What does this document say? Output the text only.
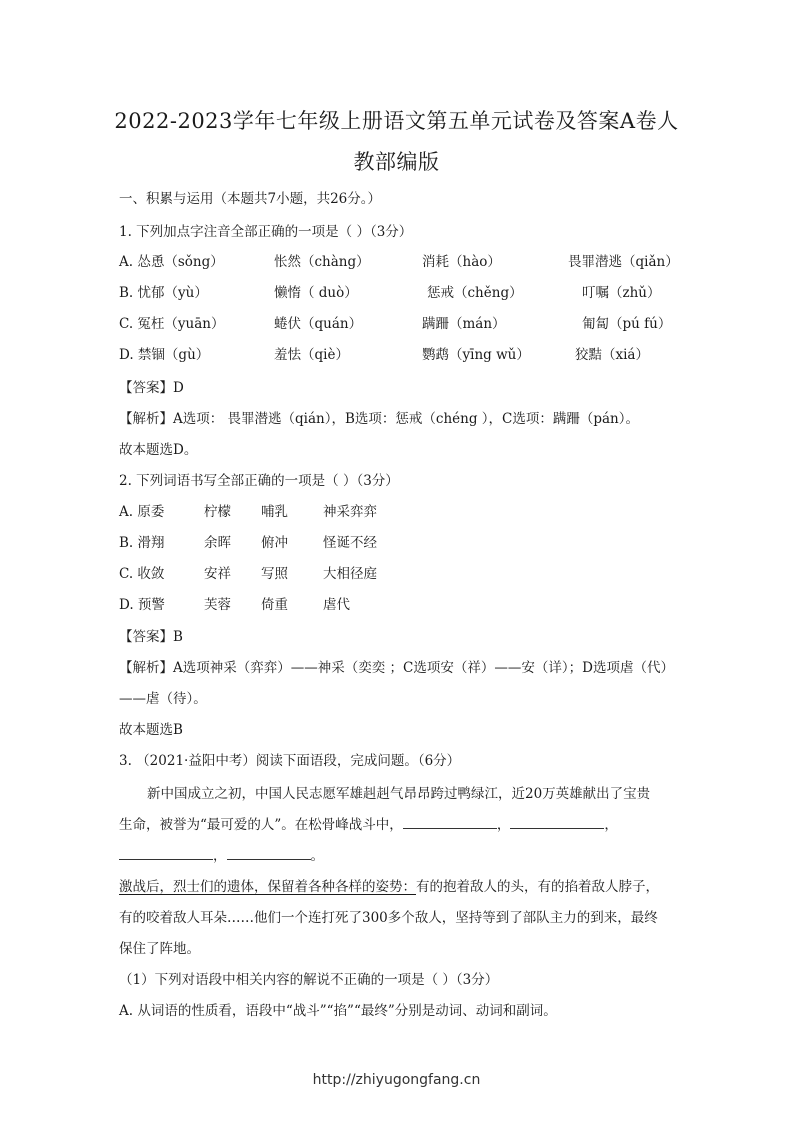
2022-2023学年七年级上册语文第五单元试卷及答案A卷人
教部编版
一、积累与运用（本题共7小题，共26分。）
1. 下列加点字注音全部正确的一项是（ ）（3分）
A. 怂恿（sǒng）	怅然（chàng）	消耗（hào）	畏罪潜逃（qiǎn）
B. 忧郁（yù）	懒惰（ duò）	惩戒（chěng）	叮嘱（zhǔ）
C. 冤枉（yuān）	蜷伏（quán）	蹒跚（mán）	匍匐（pú fú）
D. 禁锢（gù）	羞怯（qiè）	鹦鹉（yīng wǔ）	狡黠（xiá）
【答案】D
【解析】A选项： 畏罪潜逃（qián），B选项：惩戒（chéng ），C选项：蹒跚（pán）。
故本题选D。
2. 下列词语书写全部正确的一项是（ ）（3分）
A. 原委	柠檬 哺乳	神采弈弈
B. 滑翔	余晖 俯冲	怪诞不经
C. 收敛	安祥 写照	大相径庭
D. 预警	芙蓉 倚重	虐代
【答案】B
【解析】A选项神采（弈弈）——神采（奕奕 ；C选项安（祥）——安（详）；D选项虐（代）
——虐（待）。
故本题选B
3. （2021·益阳中考）阅读下面语段，完成问题。（6分）
新中国成立之初，中国人民志愿军雄赳赳气昂昂跨过鸭绿江，近20万英雄献出了宝贵
生命，被誉为“最可爱的人”。在松骨峰战斗中，	，	，
，	。
激战后，烈士们的遗体，保留着各种各样的姿势：有的抱着敌人的头，有的掐着敌人脖子，
有的咬着敌人耳朵……他们一个连打死了300多个敌人，坚持等到了部队主力的到来，最终
保住了阵地。
（1）下列对语段中相关内容的解说不正确的一项是（ ）（3分）
A. 从词语的性质看，语段中“战斗”“掐”“最终”分别是动词、动词和副词。
http://zhiyugongfang.cn
